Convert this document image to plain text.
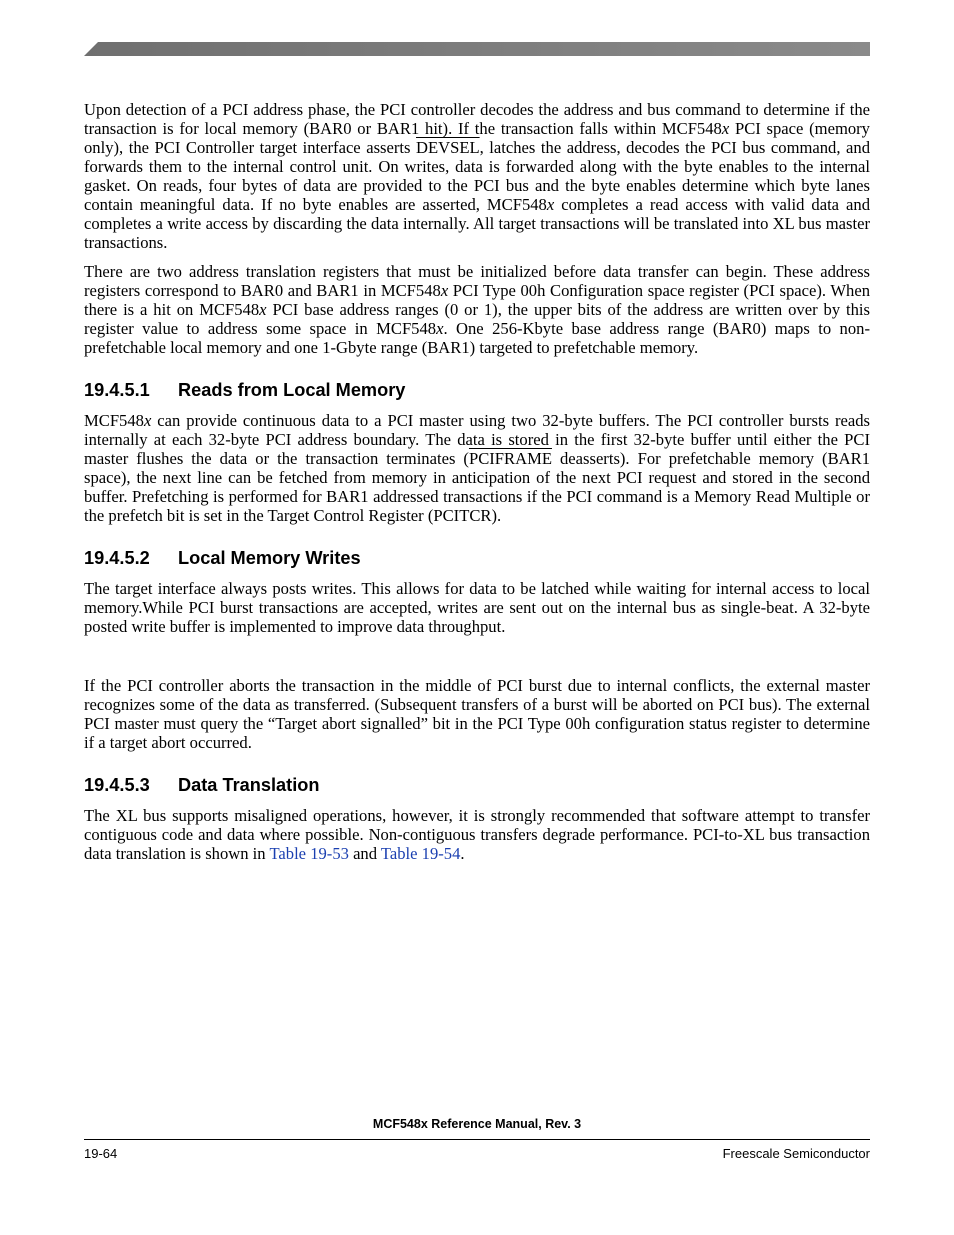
Upon detection of a PCI address phase, the PCI controller decodes the address and bus command to determine if the transaction is for local memory (BAR0 or BAR1 hit). If the transaction falls within MCF548x PCI space (memory only), the PCI Controller target interface asserts DEVSEL, latches the address, decodes the PCI bus command, and forwards them to the internal control unit. On writes, data is forwarded along with the byte enables to the internal gasket. On reads, four bytes of data are provided to the PCI bus and the byte enables determine which byte lanes contain meaningful data. If no byte enables are asserted, MCF548x completes a read access with valid data and completes a write access by discarding the data internally. All target transactions will be translated into XL bus master transactions.

There are two address translation registers that must be initialized before data transfer can begin. These address registers correspond to BAR0 and BAR1 in MCF548x PCI Type 00h Configuration space register (PCI space). When there is a hit on MCF548x PCI base address ranges (0 or 1), the upper bits of the address are written over by this register value to address some space in MCF548x. One 256-Kbyte base address range (BAR0) maps to non-prefetchable local memory and one 1-Gbyte range (BAR1) targeted to prefetchable memory.

19.4.5.1 Reads from Local Memory

MCF548x can provide continuous data to a PCI master using two 32-byte buffers. The PCI controller bursts reads internally at each 32-byte PCI address boundary. The data is stored in the first 32-byte buffer until either the PCI master flushes the data or the transaction terminates (PCIFRAME deasserts). For prefetchable memory (BAR1 space), the next line can be fetched from memory in anticipation of the next PCI request and stored in the second buffer. Prefetching is performed for BAR1 addressed transactions if the PCI command is a Memory Read Multiple or the prefetch bit is set in the Target Control Register (PCITCR).

19.4.5.2 Local Memory Writes

The target interface always posts writes. This allows for data to be latched while waiting for internal access to local memory.While PCI burst transactions are accepted, writes are sent out on the internal bus as single-beat. A 32-byte posted write buffer is implemented to improve data throughput.

If the PCI controller aborts the transaction in the middle of PCI burst due to internal conflicts, the external master recognizes some of the data as transferred. (Subsequent transfers of a burst will be aborted on PCI bus). The external PCI master must query the “Target abort signalled” bit in the PCI Type 00h configuration status register to determine if a target abort occurred.

19.4.5.3 Data Translation

The XL bus supports misaligned operations, however, it is strongly recommended that software attempt to transfer contiguous code and data where possible. Non-contiguous transfers degrade performance. PCI-to-XL bus transaction data translation is shown in Table 19-53 and Table 19-54.

MCF548x Reference Manual, Rev. 3
19-64	Freescale Semiconductor
